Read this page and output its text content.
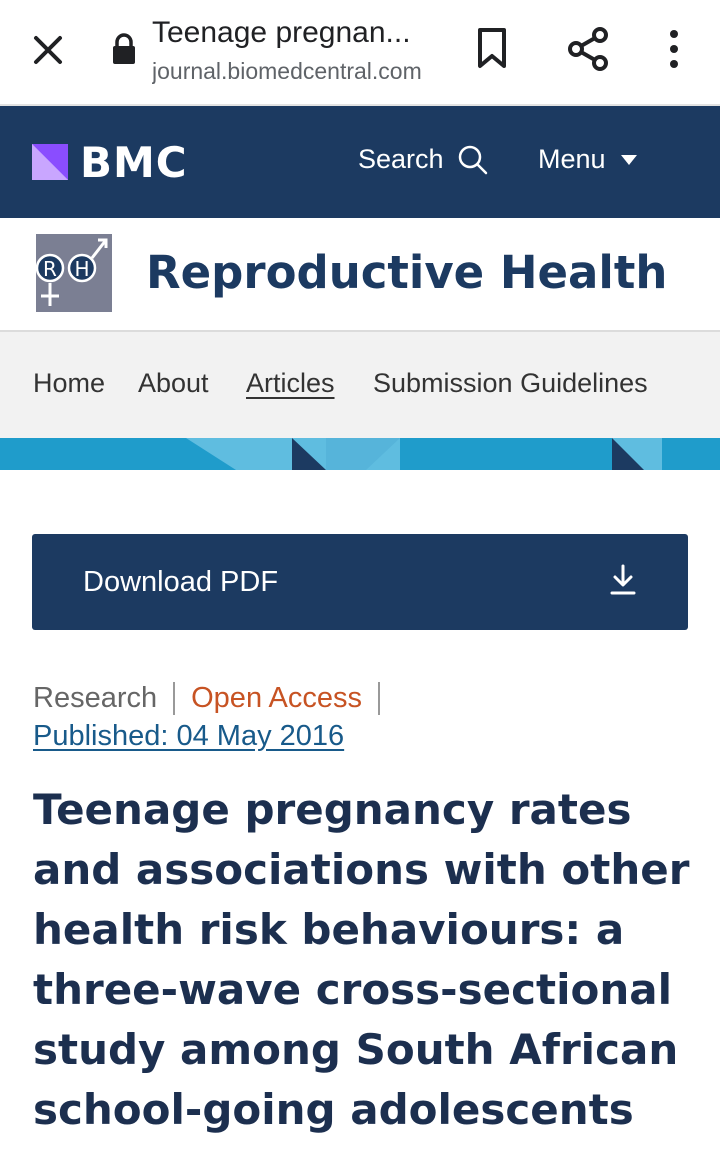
Teenage pregnan...
journal.biomedcentral.com
BMC	Search	Menu
R H Reproductive Health
Home About Articles Submission Guidelines
Download PDF
Research	Open Access
Published: 04 May 2016
Teenage pregnancy rates and associations with other health risk behaviours: a three-wave cross-sectional study among South African school-going adolescents
